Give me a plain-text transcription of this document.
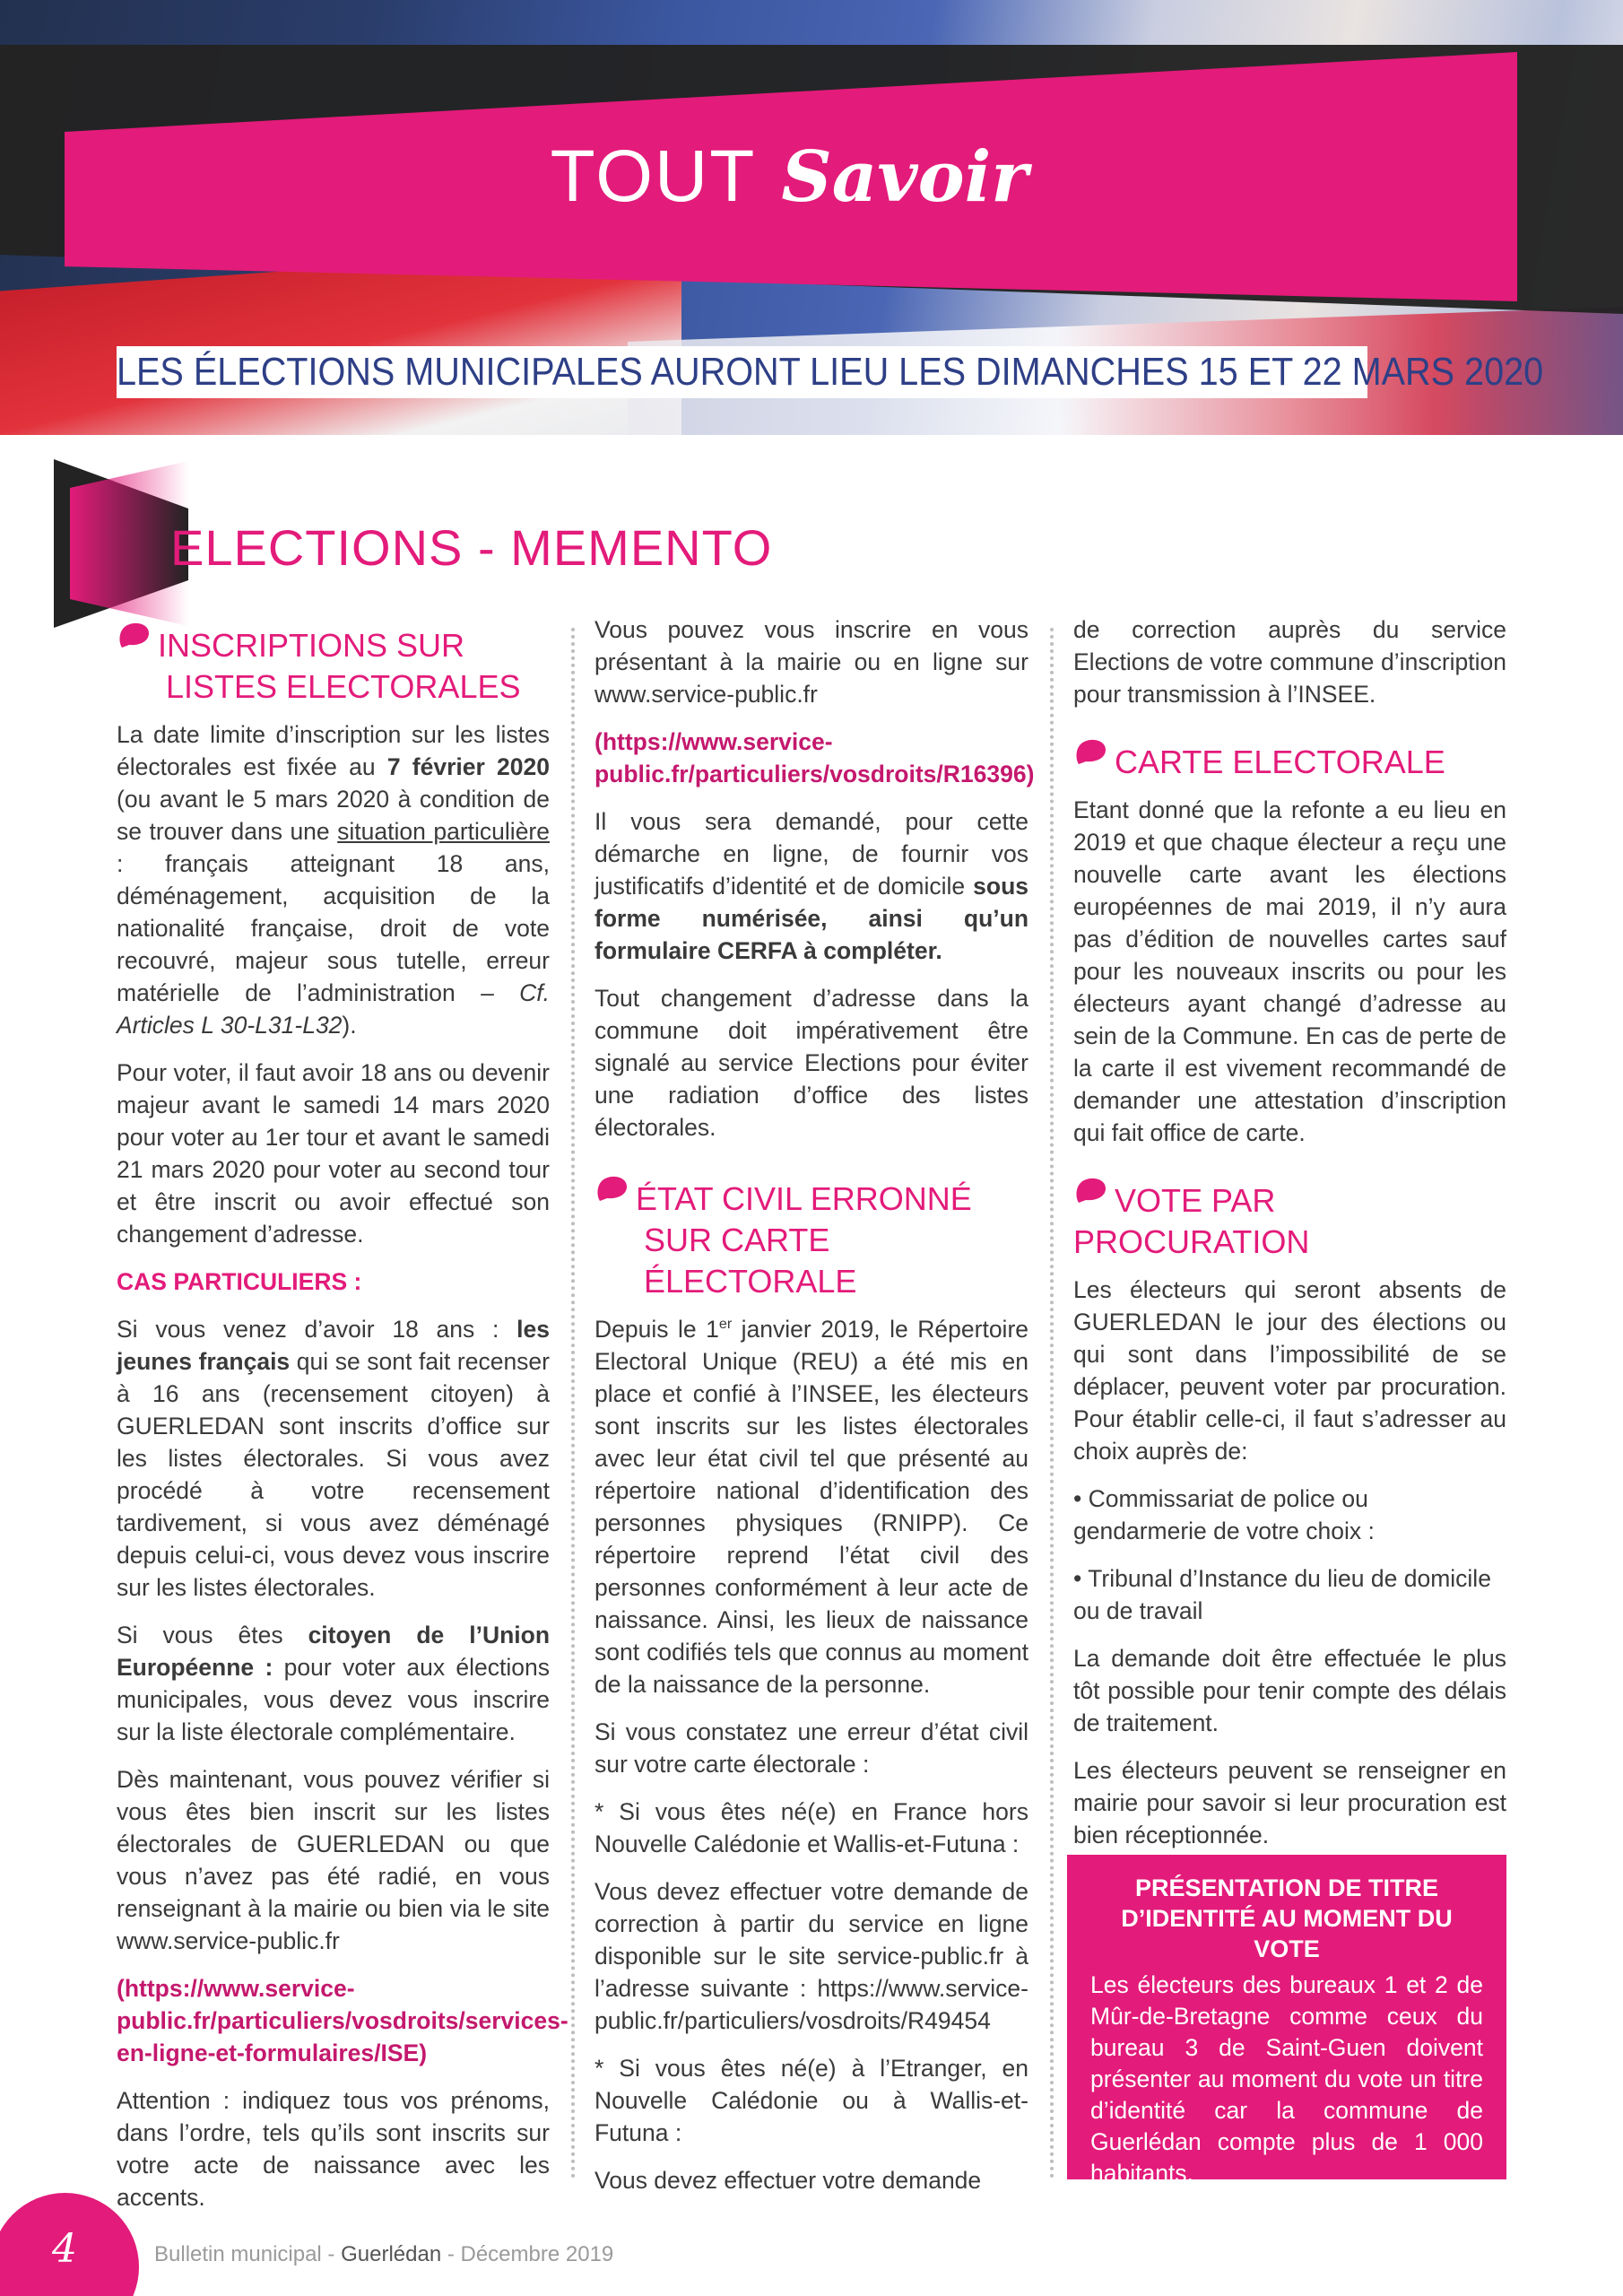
TOUT Savoir
LES ÉLECTIONS MUNICIPALES AURONT LIEU LES DIMANCHES 15 ET 22 MARS 2020
ELECTIONS - MEMENTO
INSCRIPTIONS SUR
LISTES ELECTORALES

La date limite d’inscription sur les listes électorales est fixée au 7 février 2020 (ou avant le 5 mars 2020 à condition de se trouver dans une situation particulière : français atteignant 18 ans, déménagement, acquisition de la nationalité française, droit de vote recouvré, majeur sous tutelle, erreur matérielle de l’administration – Cf. Articles L 30-L31-L32).

Pour voter, il faut avoir 18 ans ou devenir majeur avant le samedi 14 mars 2020 pour voter au 1er tour et avant le samedi 21 mars 2020 pour voter au second tour et être inscrit ou avoir effectué son changement d’adresse.

CAS PARTICULIERS :

Si vous venez d’avoir 18 ans : les jeunes français qui se sont fait recenser à 16 ans (recensement citoyen) à GUERLEDAN sont inscrits d’office sur les listes électorales. Si vous avez procédé à votre recensement tardivement, si vous avez déménagé depuis celui-ci, vous devez vous inscrire sur les listes électorales.

Si vous êtes citoyen de l’Union Européenne : pour voter aux élections municipales, vous devez vous inscrire sur la liste électorale complémentaire.

Dès maintenant, vous pouvez vérifier si vous êtes bien inscrit sur les listes électorales de GUERLEDAN ou que vous n’avez pas été radié, en vous renseignant à la mairie ou bien via le site www.service-public.fr

(https://www.service-public.fr/particuliers/vosdroits/services-en-ligne-et-formulaires/ISE)

Attention : indiquez tous vos prénoms, dans l’ordre, tels qu’ils sont inscrits sur votre acte de naissance avec les accents.

Vous pouvez vous inscrire en vous présentant à la mairie ou en ligne sur www.service-public.fr

(https://www.service-public.fr/particuliers/vosdroits/R16396)

Il vous sera demandé, pour cette démarche en ligne, de fournir vos justificatifs d’identité et de domicile sous forme numérisée, ainsi qu’un formulaire CERFA à compléter.

Tout changement d’adresse dans la commune doit impérativement être signalé au service Elections pour éviter une radiation d’office des listes électorales.

ÉTAT CIVIL ERRONNÉ
SUR CARTE ÉLECTORALE

Depuis le 1er janvier 2019, le Répertoire Electoral Unique (REU) a été mis en place et confié à l’INSEE, les électeurs sont inscrits sur les listes électorales avec leur état civil tel que présenté au répertoire national d’identification des personnes physiques (RNIPP). Ce répertoire reprend l’état civil des personnes conformément à leur acte de naissance. Ainsi, les lieux de naissance sont codifiés tels que connus au moment de la naissance de la personne.

Si vous constatez une erreur d’état civil sur votre carte électorale :

* Si vous êtes né(e) en France hors Nouvelle Calédonie et Wallis-et-Futuna :

Vous devez effectuer votre demande de correction à partir du service en ligne disponible sur le site service-public.fr à l’adresse suivante : https://www.service-public.fr/particuliers/vosdroits/R49454

* Si vous êtes né(e) à l’Etranger, en Nouvelle Calédonie ou à Wallis-et-Futuna :

Vous devez effectuer votre demande

de correction auprès du service Elections de votre commune d’inscription pour transmission à l’INSEE.

CARTE ELECTORALE

Etant donné que la refonte a eu lieu en 2019 et que chaque électeur a reçu une nouvelle carte avant les élections européennes de mai 2019, il n’y aura pas d’édition de nouvelles cartes sauf pour les nouveaux inscrits ou pour les électeurs ayant changé d’adresse au sein de la Commune. En cas de perte de la carte il est vivement recommandé de demander une attestation d’inscription qui fait office de carte.

VOTE PAR PROCURATION

Les électeurs qui seront absents de GUERLEDAN le jour des élections ou qui sont dans l’impossibilité de se déplacer, peuvent voter par procuration. Pour établir celle-ci, il faut s’adresser au choix auprès de:

• Commissariat de police ou gendarmerie de votre choix :

• Tribunal d’Instance du lieu de domicile ou de travail

La demande doit être effectuée le plus tôt possible pour tenir compte des délais de traitement.

Les électeurs peuvent se renseigner en mairie pour savoir si leur procuration est bien réceptionnée.

PRÉSENTATION DE TITRE
D’IDENTITÉ AU MOMENT DU VOTE
Les électeurs des bureaux 1 et 2 de Mûr-de-Bretagne comme ceux du bureau 3 de Saint-Guen doivent présenter au moment du vote un titre d’identité car la commune de Guerlédan compte plus de 1 000 habitants.
4	Bulletin municipal - Guerlédan - Décembre 2019
